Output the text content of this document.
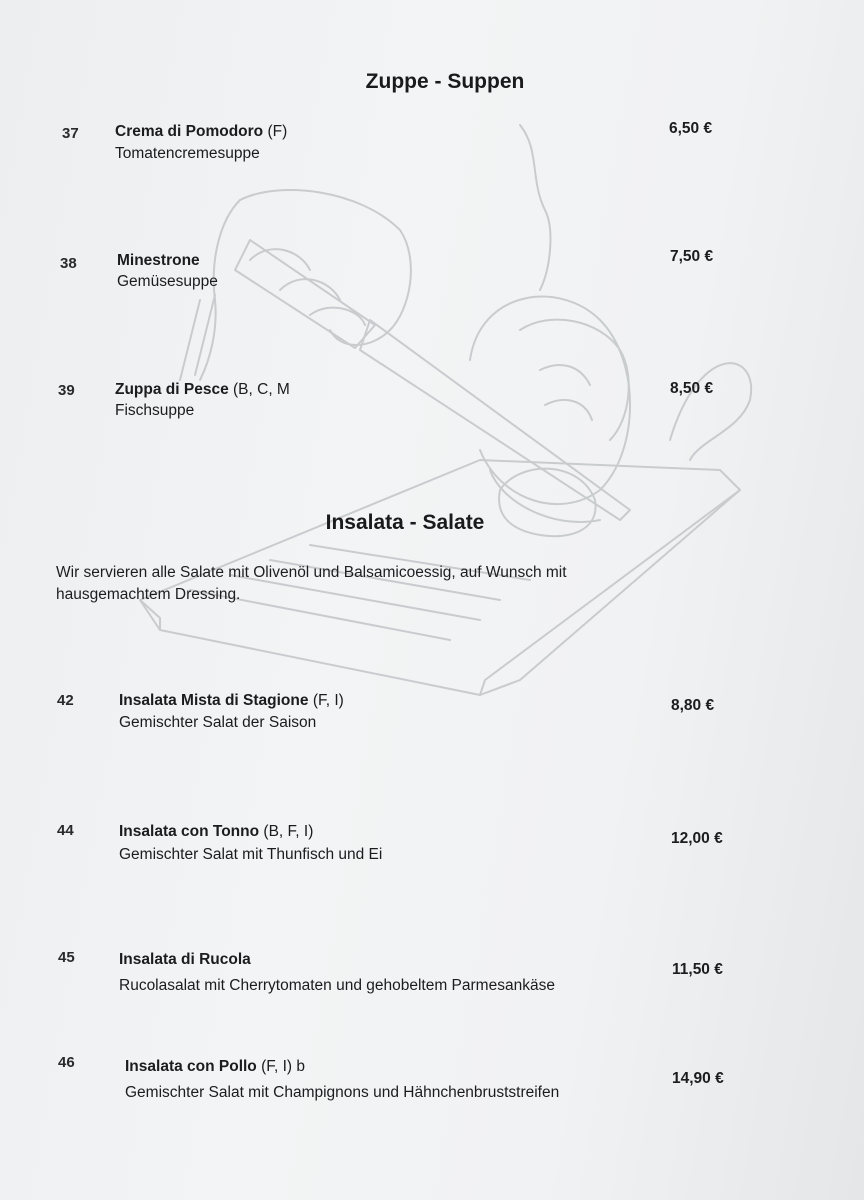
Zuppe - Suppen
37 Crema di Pomodoro (F)
Tomatencremesuppe
6,50 €
38	Minestrone
Gemüsesuppe
7,50 €
39	Zuppa di Pesce (B, C, M
Fischsuppe
8,50 €
Insalata - Salate

Wir servieren alle Salate mit Olivenöl und Balsamicoessig, auf Wunsch mit hausgemachtem Dressing.

42	Insalata Mista di Stagione (F, I)
Gemischter Salat der Saison
8,80 €
44	Insalata con Tonno (B, F, I)
Gemischter Salat mit Thunfisch und Ei
12,00 €
45	Insalata di Rucola
Rucolasalat mit Cherrytomaten und gehobeltem Parmesankäse
11,50 €
46	Insalata con Pollo (F, I) b
Gemischter Salat mit Champignons und Hähnchenbruststreifen
14,90 €
